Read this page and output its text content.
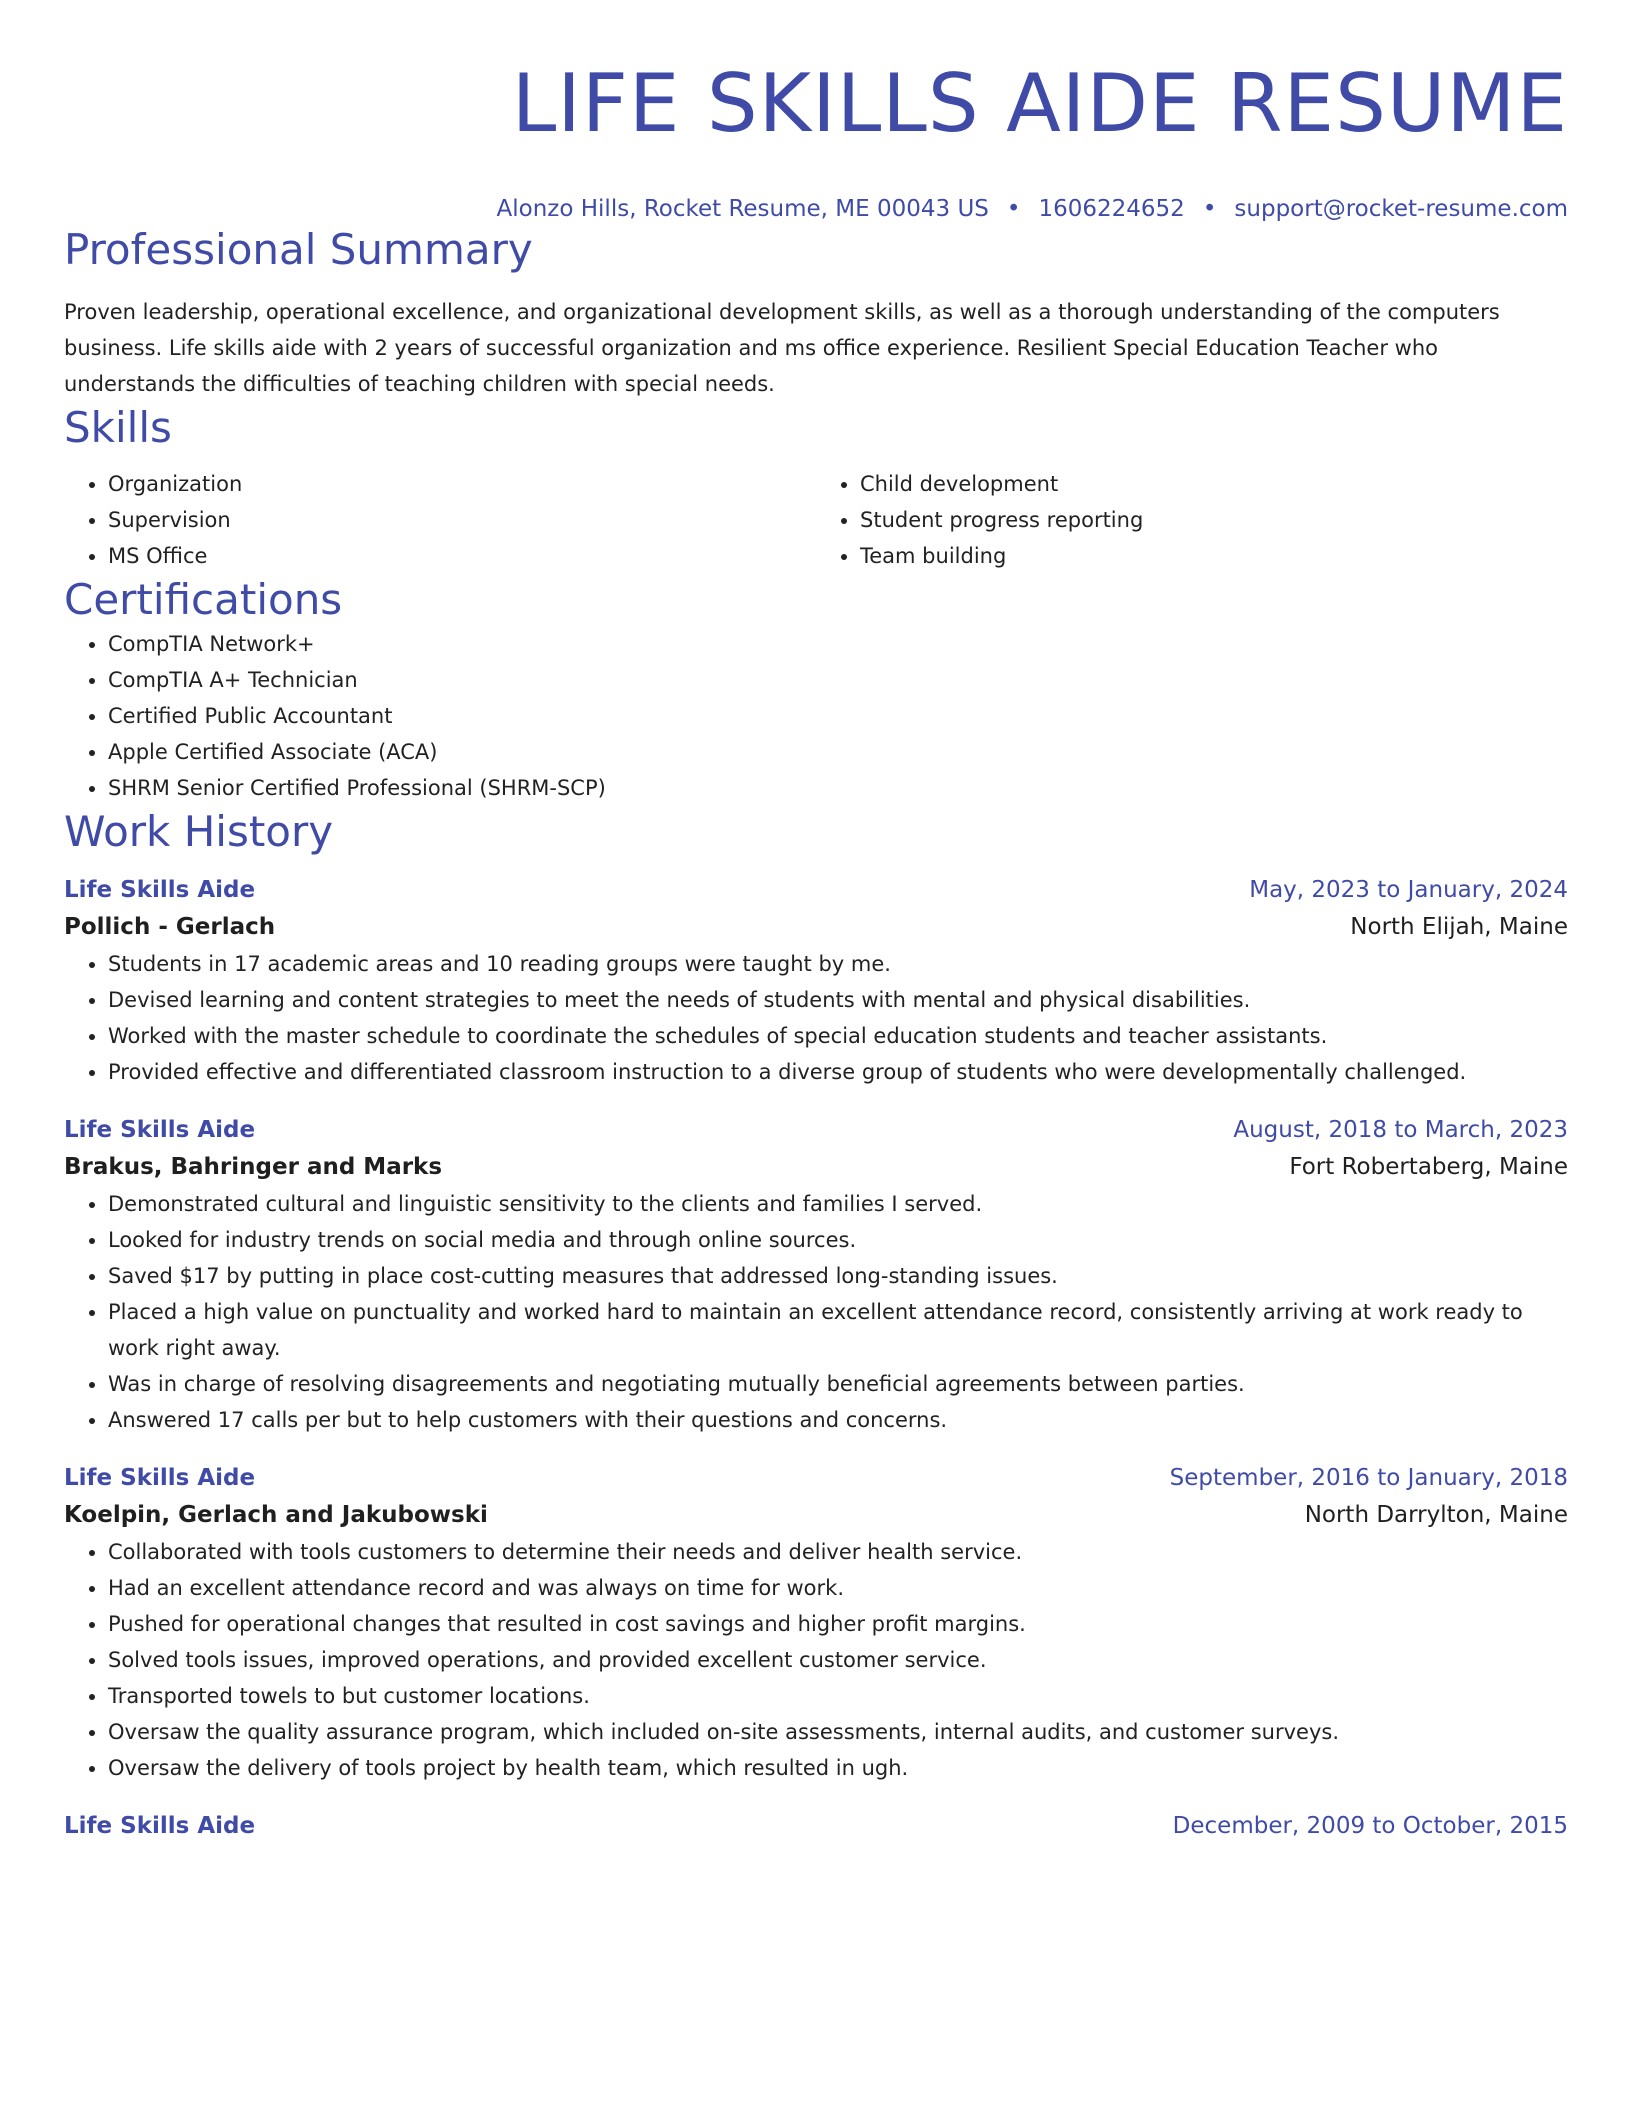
LIFE SKILLS AIDE RESUME
Alonzo Hills, Rocket Resume, ME 00043 US • 1606224652 • support@rocket-resume.com
Professional Summary
Proven leadership, operational excellence, and organizational development skills, as well as a thorough understanding of the computers business. Life skills aide with 2 years of successful organization and ms office experience. Resilient Special Education Teacher who understands the difficulties of teaching children with special needs.
Skills
• Organization
• Supervision
• MS Office
• Child development
• Student progress reporting
• Team building
Certifications
• CompTIA Network+
• CompTIA A+ Technician
• Certified Public Accountant
• Apple Certified Associate (ACA)
• SHRM Senior Certified Professional (SHRM-SCP)
Work History
Life Skills Aide	May, 2023 to January, 2024
Pollich - Gerlach	North Elijah, Maine
• Students in 17 academic areas and 10 reading groups were taught by me.
• Devised learning and content strategies to meet the needs of students with mental and physical disabilities.
• Worked with the master schedule to coordinate the schedules of special education students and teacher assistants.
• Provided effective and differentiated classroom instruction to a diverse group of students who were developmentally challenged.
Life Skills Aide	August, 2018 to March, 2023
Brakus, Bahringer and Marks	Fort Robertaberg, Maine
• Demonstrated cultural and linguistic sensitivity to the clients and families I served.
• Looked for industry trends on social media and through online sources.
• Saved $17 by putting in place cost-cutting measures that addressed long-standing issues.
• Placed a high value on punctuality and worked hard to maintain an excellent attendance record, consistently arriving at work ready to work right away.
• Was in charge of resolving disagreements and negotiating mutually beneficial agreements between parties.
• Answered 17 calls per but to help customers with their questions and concerns.
Life Skills Aide	September, 2016 to January, 2018
Koelpin, Gerlach and Jakubowski	North Darrylton, Maine
• Collaborated with tools customers to determine their needs and deliver health service.
• Had an excellent attendance record and was always on time for work.
• Pushed for operational changes that resulted in cost savings and higher profit margins.
• Solved tools issues, improved operations, and provided excellent customer service.
• Transported towels to but customer locations.
• Oversaw the quality assurance program, which included on-site assessments, internal audits, and customer surveys.
• Oversaw the delivery of tools project by health team, which resulted in ugh.
Life Skills Aide	December, 2009 to October, 2015
